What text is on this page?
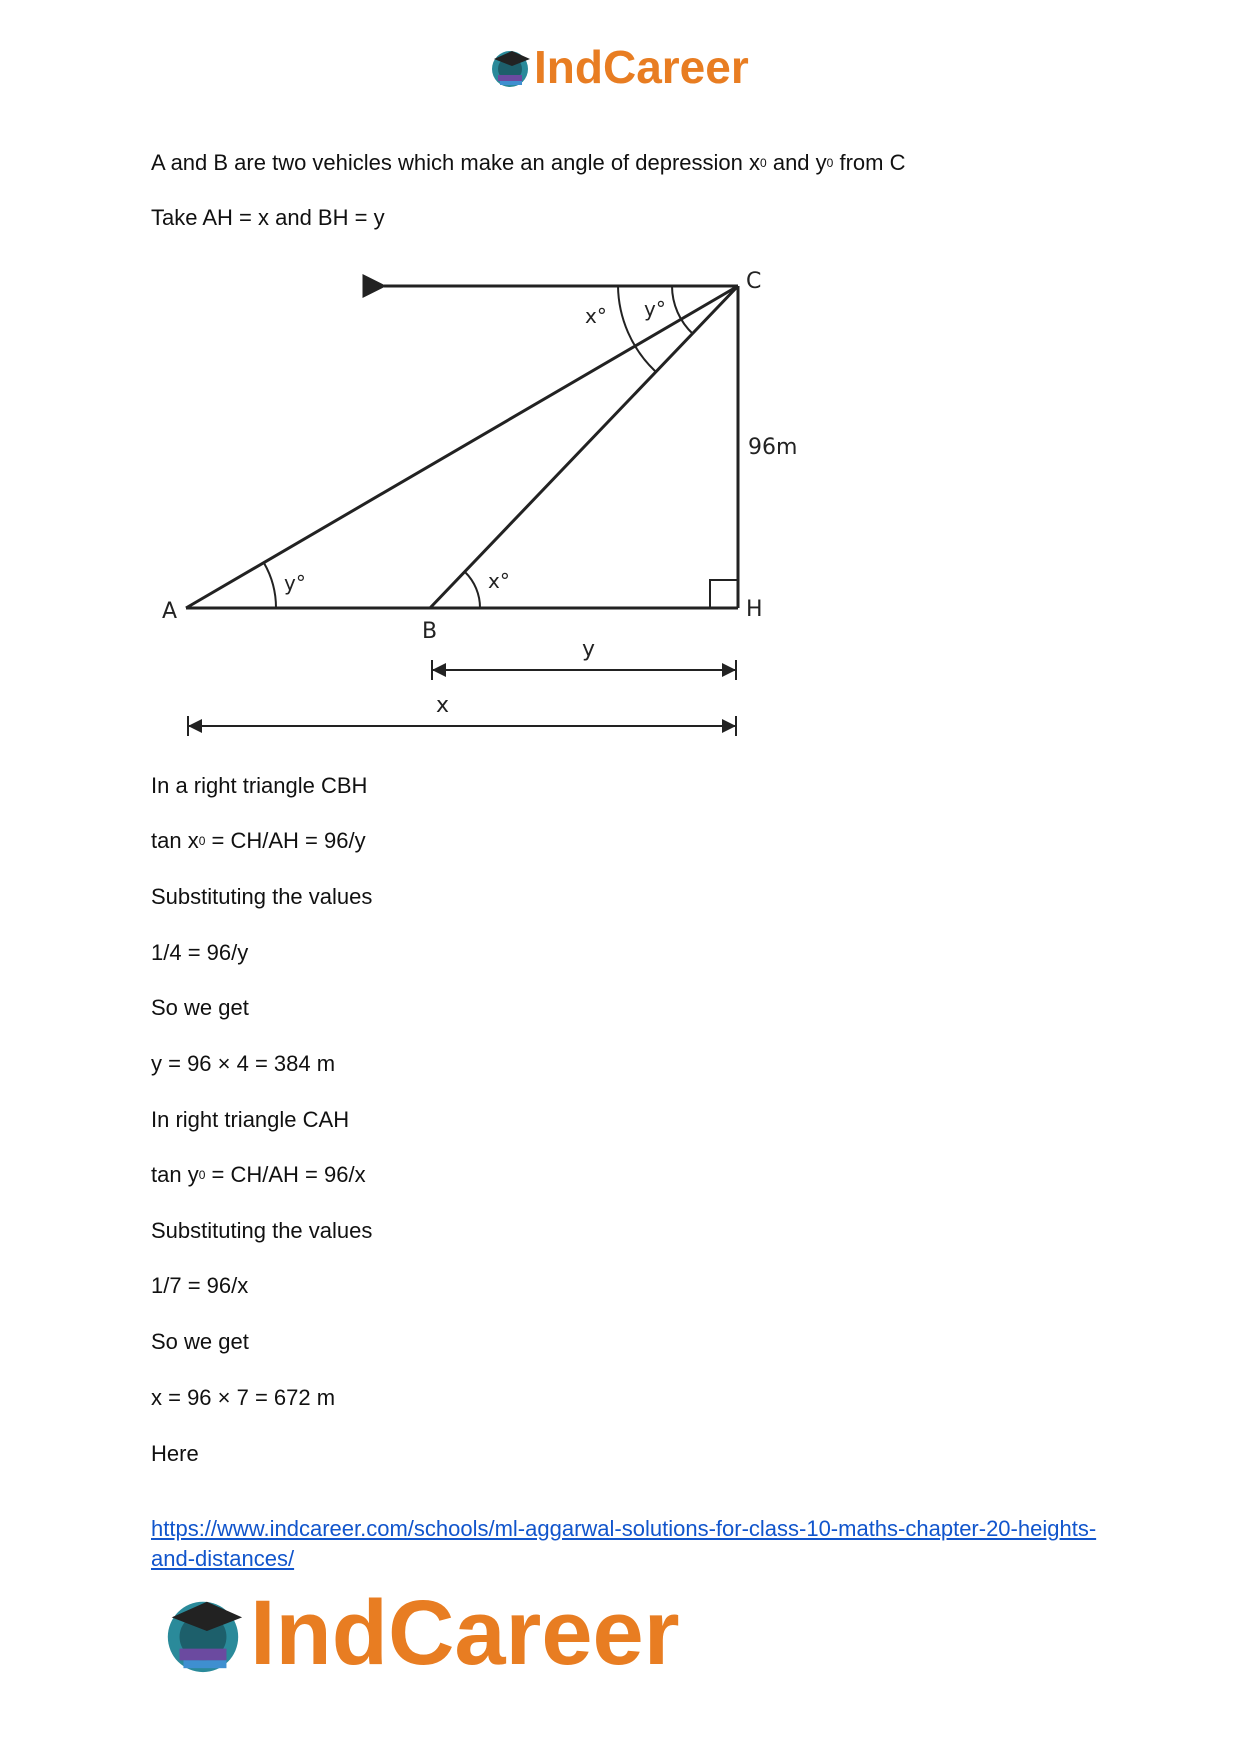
IndCareer
A and B are two vehicles which make an angle of depression $x^0$ and $y^0$ from C
Take AH = x and BH = y
C
H
A
B
96m
x° y°
y°	x°
y
x
In a right triangle CBH
$\tan x^0 = CH/AH = 96/y$
Substituting the values
1/4 = 96/y
So we get
y = 96 × 4 = 384 m
In right triangle CAH
$\tan y^0 = CH/AH = 96/x$
Substituting the values
1/7 = 96/x
So we get
x = 96 × 7 = 672 m
Here
https://www.indcareer.com/schools/ml-aggarwal-solutions-for-class-10-maths-chapter-20-heights-and-distances/
IndCareer
